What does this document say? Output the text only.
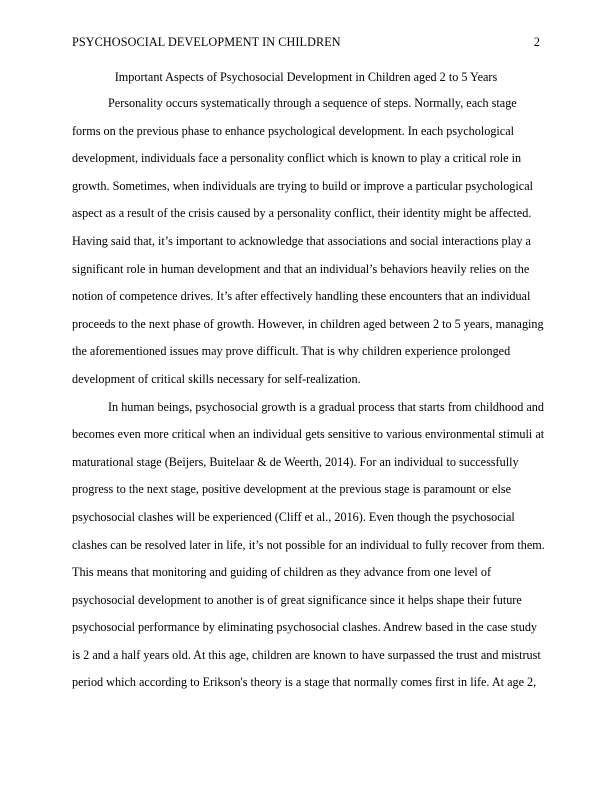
PSYCHOSOCIAL DEVELOPMENT IN CHILDREN	2
Important Aspects of Psychosocial Development in Children aged 2 to 5 Years
Personality occurs systematically through a sequence of steps. Normally, each stage
forms on the previous phase to enhance psychological development. In each psychological
development, individuals face a personality conflict which is known to play a critical role in
growth. Sometimes, when individuals are trying to build or improve a particular psychological
aspect as a result of the crisis caused by a personality conflict, their identity might be affected.
Having said that, it’s important to acknowledge that associations and social interactions play a
significant role in human development and that an individual’s behaviors heavily relies on the
notion of competence drives. It’s after effectively handling these encounters that an individual
proceeds to the next phase of growth. However, in children aged between 2 to 5 years, managing
the aforementioned issues may prove difficult. That is why children experience prolonged
development of critical skills necessary for self-realization.
In human beings, psychosocial growth is a gradual process that starts from childhood and
becomes even more critical when an individual gets sensitive to various environmental stimuli at
maturational stage (Beijers, Buitelaar & de Weerth, 2014). For an individual to successfully
progress to the next stage, positive development at the previous stage is paramount or else
psychosocial clashes will be experienced (Cliff et al., 2016). Even though the psychosocial
clashes can be resolved later in life, it’s not possible for an individual to fully recover from them.
This means that monitoring and guiding of children as they advance from one level of
psychosocial development to another is of great significance since it helps shape their future
psychosocial performance by eliminating psychosocial clashes. Andrew based in the case study
is 2 and a half years old. At this age, children are known to have surpassed the trust and mistrust
period which according to Erikson's theory is a stage that normally comes first in life. At age 2,
